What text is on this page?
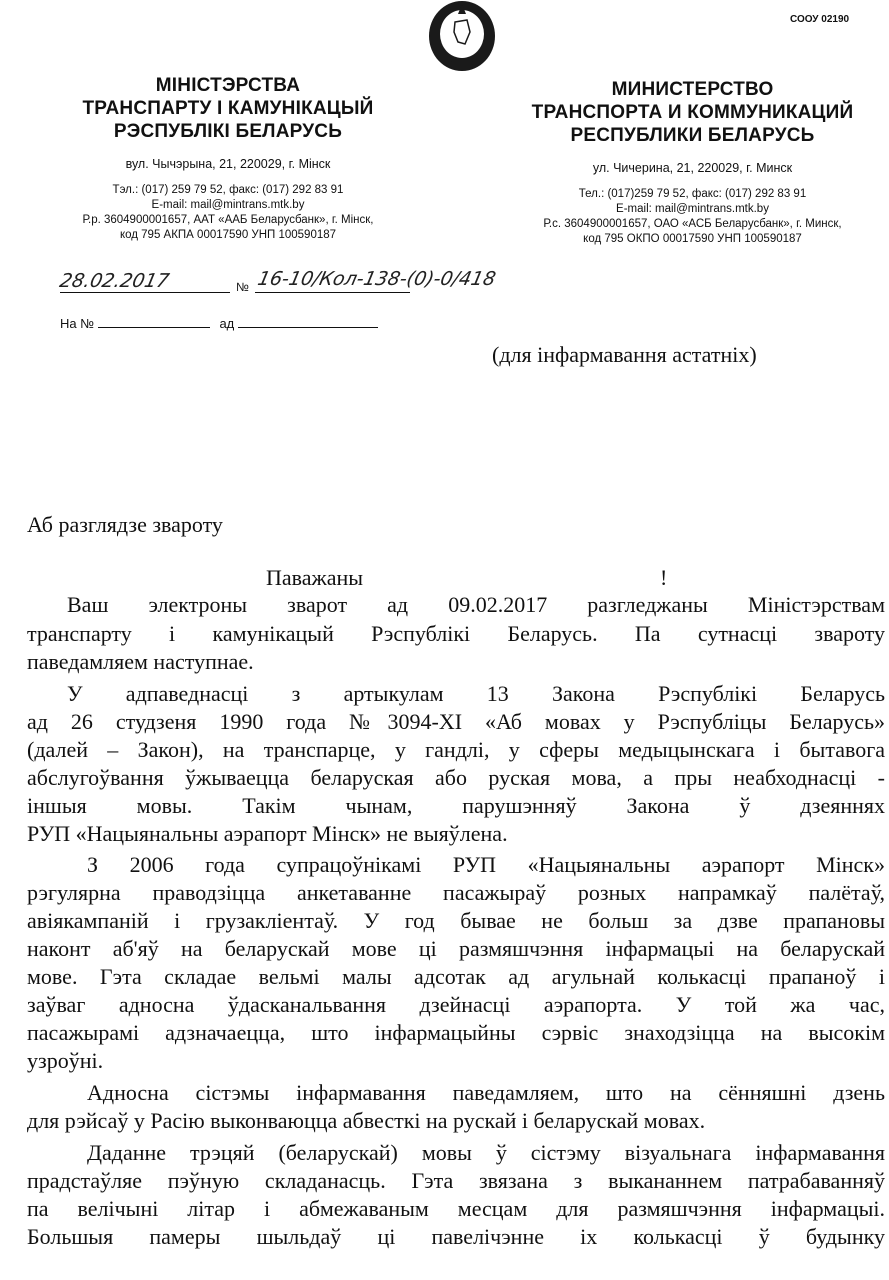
СООУ 02190
МІНІСТЭРСТВА
ТРАНСПАРТУ І КАМУНІКАЦЫЙ
РЭСПУБЛІКІ БЕЛАРУСЬ
вул. Чычэрына, 21, 220029, г. Мінск
Тэл.: (017) 259 79 52, факс: (017) 292 83 91
E-mail: mail@mintrans.mtk.by
Р.р. 3604900001657, ААТ «ААБ Беларусбанк», г. Мінск,
код 795 АКПА 00017590 УНП 100590187
МИНИСТЕРСТВО
ТРАНСПОРТА И КОММУНИКАЦИЙ
РЕСПУБЛИКИ БЕЛАРУСЬ
ул. Чичерина, 21, 220029, г. Минск
Тел.: (017)259 79 52, факс: (017) 292 83 91
E-mail: mail@mintrans.mtk.by
Р.с. 3604900001657, ОАО «АСБ Беларусбанк», г. Минск,
код 795 ОКПО 00017590 УНП 100590187
28.02.2017	№ 16-10/Кол-138-(0)-0/418
На №	ад
(для інфармавання астатніх)
Аб разглядзе звароту
Паважаны	!
Ваш электроны зварот ад 09.02.2017 разгледжаны Міністэрствам
транспарту і камунікацый Рэспублікі Беларусь. Па сутнасці звароту
паведамляем наступнае.
У адпаведнасці з артыкулам 13 Закона Рэспублікі Беларусь
ад 26 студзеня 1990 года №3094-XI «Аб мовах у Рэспубліцы Беларусь»
(далей – Закон), на транспарце, у гандлі, у сферы медыцынскага і бытавога
абслугоўвання ўжываецца беларуская або руская мова, а пры неабходнасці -
іншыя мовы. Такім чынам, парушэнняў Закона ў дзеяннях
РУП «Нацыянальны аэрапорт Мінск» не выяўлена.
З 2006 года супрацоўнікамі РУП «Нацыянальны аэрапорт Мінск»
рэгулярна праводзіцца анкетаванне пасажыраў розных напрамкаў палётаў,
авіякампаній і грузакліентаў. У год бывае не больш за дзве прапановы
наконт аб'яў на беларускай мове ці размяшчэння інфармацыі на беларускай
мове. Гэта складае вельмі малы адсотак ад агульнай колькасці прапаноў і
заўваг адносна ўдасканальвання дзейнасці аэрапорта. У той жа час,
пасажырамі адзначаецца, што інфармацыйны сэрвіс знаходзіцца на высокім
узроўні.
Адносна сістэмы інфармавання паведамляем, што на сённяшні дзень
для рэйсаў у Расію выконваюцца абвесткі на рускай і беларускай мовах.
Даданне трэцяй (беларускай) мовы ў сістэму візуальнага інфармавання
прадстаўляе пэўную складанасць. Гэта звязана з выкананнем патрабаванняў
па велічыні літар і абмежаваным месцам для размяшчэння інфармацыі.
Большыя памеры шыльдаў ці павелічэнне іх колькасці ў будынку
